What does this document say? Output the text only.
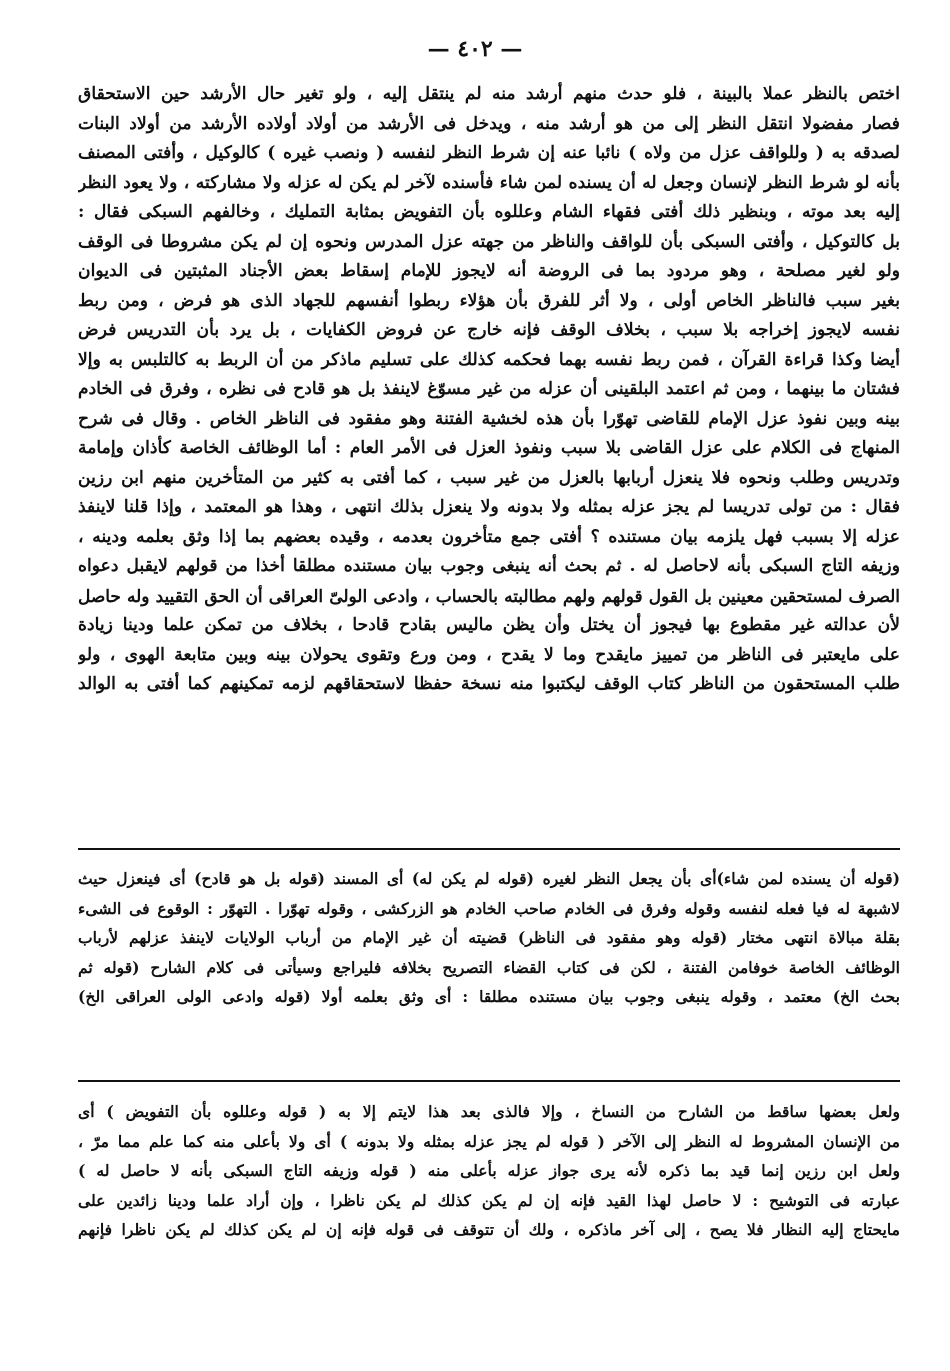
— ٤٠٢ —
اختص بالنظر عملا بالبينة ، فلو حدث منهم أرشد منه لم ينتقل إليه ، ولو تغير حال الأرشد حين الاستحقاق
فصار مفضولا انتقل النظر إلى من هو أرشد منه ، ويدخل فى الأرشد من أولاد أولاده الأرشد من أولاد البنات
لصدقه به ( وللواقف عزل من ولاه ) نائبا عنه إن شرط النظر لنفسه ( ونصب غيره ) كالوكيل ، وأفتى المصنف
بأنه لو شرط النظر لإنسان وجعل له أن يسنده لمن شاء فأسنده لآخر لم يكن له عزله ولا مشاركته ، ولا يعود النظر
إليه بعد موته ، وبنظير ذلك أفتى فقهاء الشام وعللوه بأن التفويض بمثابة التمليك ، وخالفهم السبكى فقال :
بل كالتوكيل ، وأفتى السبكى بأن للواقف والناظر من جهته عزل المدرس ونحوه إن لم يكن مشروطا فى الوقف
ولو لغير مصلحة ، وهو مردود بما فى الروضة أنه لايجوز للإمام إسقاط بعض الأجناد المثبتين فى الديوان
بغير سبب فالناظر الخاص أولى ، ولا أثر للفرق بأن هؤلاء ربطوا أنفسهم للجهاد الذى هو فرض ، ومن ربط
نفسه لايجوز إخراجه بلا سبب ، بخلاف الوقف فإنه خارج عن فروض الكفايات ، بل يرد بأن التدريس فرض
أيضا وكذا قراءة القرآن ، فمن ربط نفسه بهما فحكمه كذلك على تسليم ماذكر من أن الربط به كالتلبس به وإلا
فشتان ما بينهما ، ومن ثم اعتمد البلقينى أن عزله من غير مسوّغ لاينفذ بل هو قادح فى نظره ، وفرق فى الخادم
بينه وبين نفوذ عزل الإمام للقاضى تهوّرا بأن هذه لخشية الفتنة وهو مفقود فى الناظر الخاص . وقال فى شرح
المنهاج فى الكلام على عزل القاضى بلا سبب ونفوذ العزل فى الأمر العام : أما الوظائف الخاصة كأذان وإمامة
وتدريس وطلب ونحوه فلا ينعزل أربابها بالعزل من غير سبب ، كما أفتى به كثير من المتأخرين منهم ابن رزين
فقال : من تولى تدريسا لم يجز عزله بمثله ولا بدونه ولا ينعزل بذلك انتهى ، وهذا هو المعتمد ، وإذا قلنا لاينفذ
عزله إلا بسبب فهل يلزمه بيان مستنده ؟ أفتى جمع متأخرون بعدمه ، وقيده بعضهم بما إذا وثق بعلمه ودينه ،
وزيفه التاج السبكى بأنه لاحاصل له . ثم بحث أنه ينبغى وجوب بيان مستنده مطلقا أخذا من قولهم لايقبل دعواه
الصرف لمستحقين معينين بل القول قولهم ولهم مطالبته بالحساب ، وادعى الولىّ العراقى أن الحق التقييد وله حاصل
لأن عدالته غير مقطوع بها فيجوز أن يختل وأن يظن ماليس بقادح قادحا ، بخلاف من تمكن علما ودينا زيادة
على مايعتبر فى الناظر من تمييز مايقدح وما لا يقدح ، ومن ورع وتقوى يحولان بينه وبين متابعة الهوى ، ولو
طلب المستحقون من الناظر كتاب الوقف ليكتبوا منه نسخة حفظا لاستحقاقهم لزمه تمكينهم كما أفتى به الوالد
(قوله أن يسنده لمن شاء)أى بأن يجعل النظر لغيره (قوله لم يكن له) أى المسند (قوله بل هو قادح) أى فينعزل حيث
لاشبهة له فيا فعله لنفسه وقوله وفرق فى الخادم صاحب الخادم هو الزركشى ، وقوله تهوّرا . التهوّر : الوقوع فى الشىء
بقلة مبالاة انتهى مختار (قوله وهو مفقود فى الناظر) قضيته أن غير الإمام من أرباب الولايات لاينفذ عزلهم لأرباب
الوظائف الخاصة خوفامن الفتنة ، لكن فى كتاب القضاء التصريح بخلافه فليراجع وسيأتى فى كلام الشارح (قوله ثم
بحث الخ) معتمد ، وقوله ينبغى وجوب بيان مستنده مطلقا : أى وثق بعلمه أولا (قوله وادعى الولى العراقى الخ)
ولعل بعضها ساقط من الشارح من النساخ ، وإلا فالذى بعد هذا لايتم إلا به ( قوله وعللوه بأن التفويض ) أى
من الإنسان المشروط له النظر إلى الآخر ( قوله لم يجز عزله بمثله ولا بدونه ) أى ولا بأعلى منه كما علم مما مرّ ،
ولعل ابن رزين إنما قيد بما ذكره لأنه يرى جواز عزله بأعلى منه ( قوله وزيفه التاج السبكى بأنه لا حاصل له )
عبارته فى التوشيح : لا حاصل لهذا القيد فإنه إن لم يكن كذلك لم يكن ناظرا ، وإن أراد علما ودينا زائدين على
مايحتاج إليه النظار فلا يصح ، إلى آخر ماذكره ، ولك أن تتوقف فى قوله فإنه إن لم يكن كذلك لم يكن ناظرا فإنهم
